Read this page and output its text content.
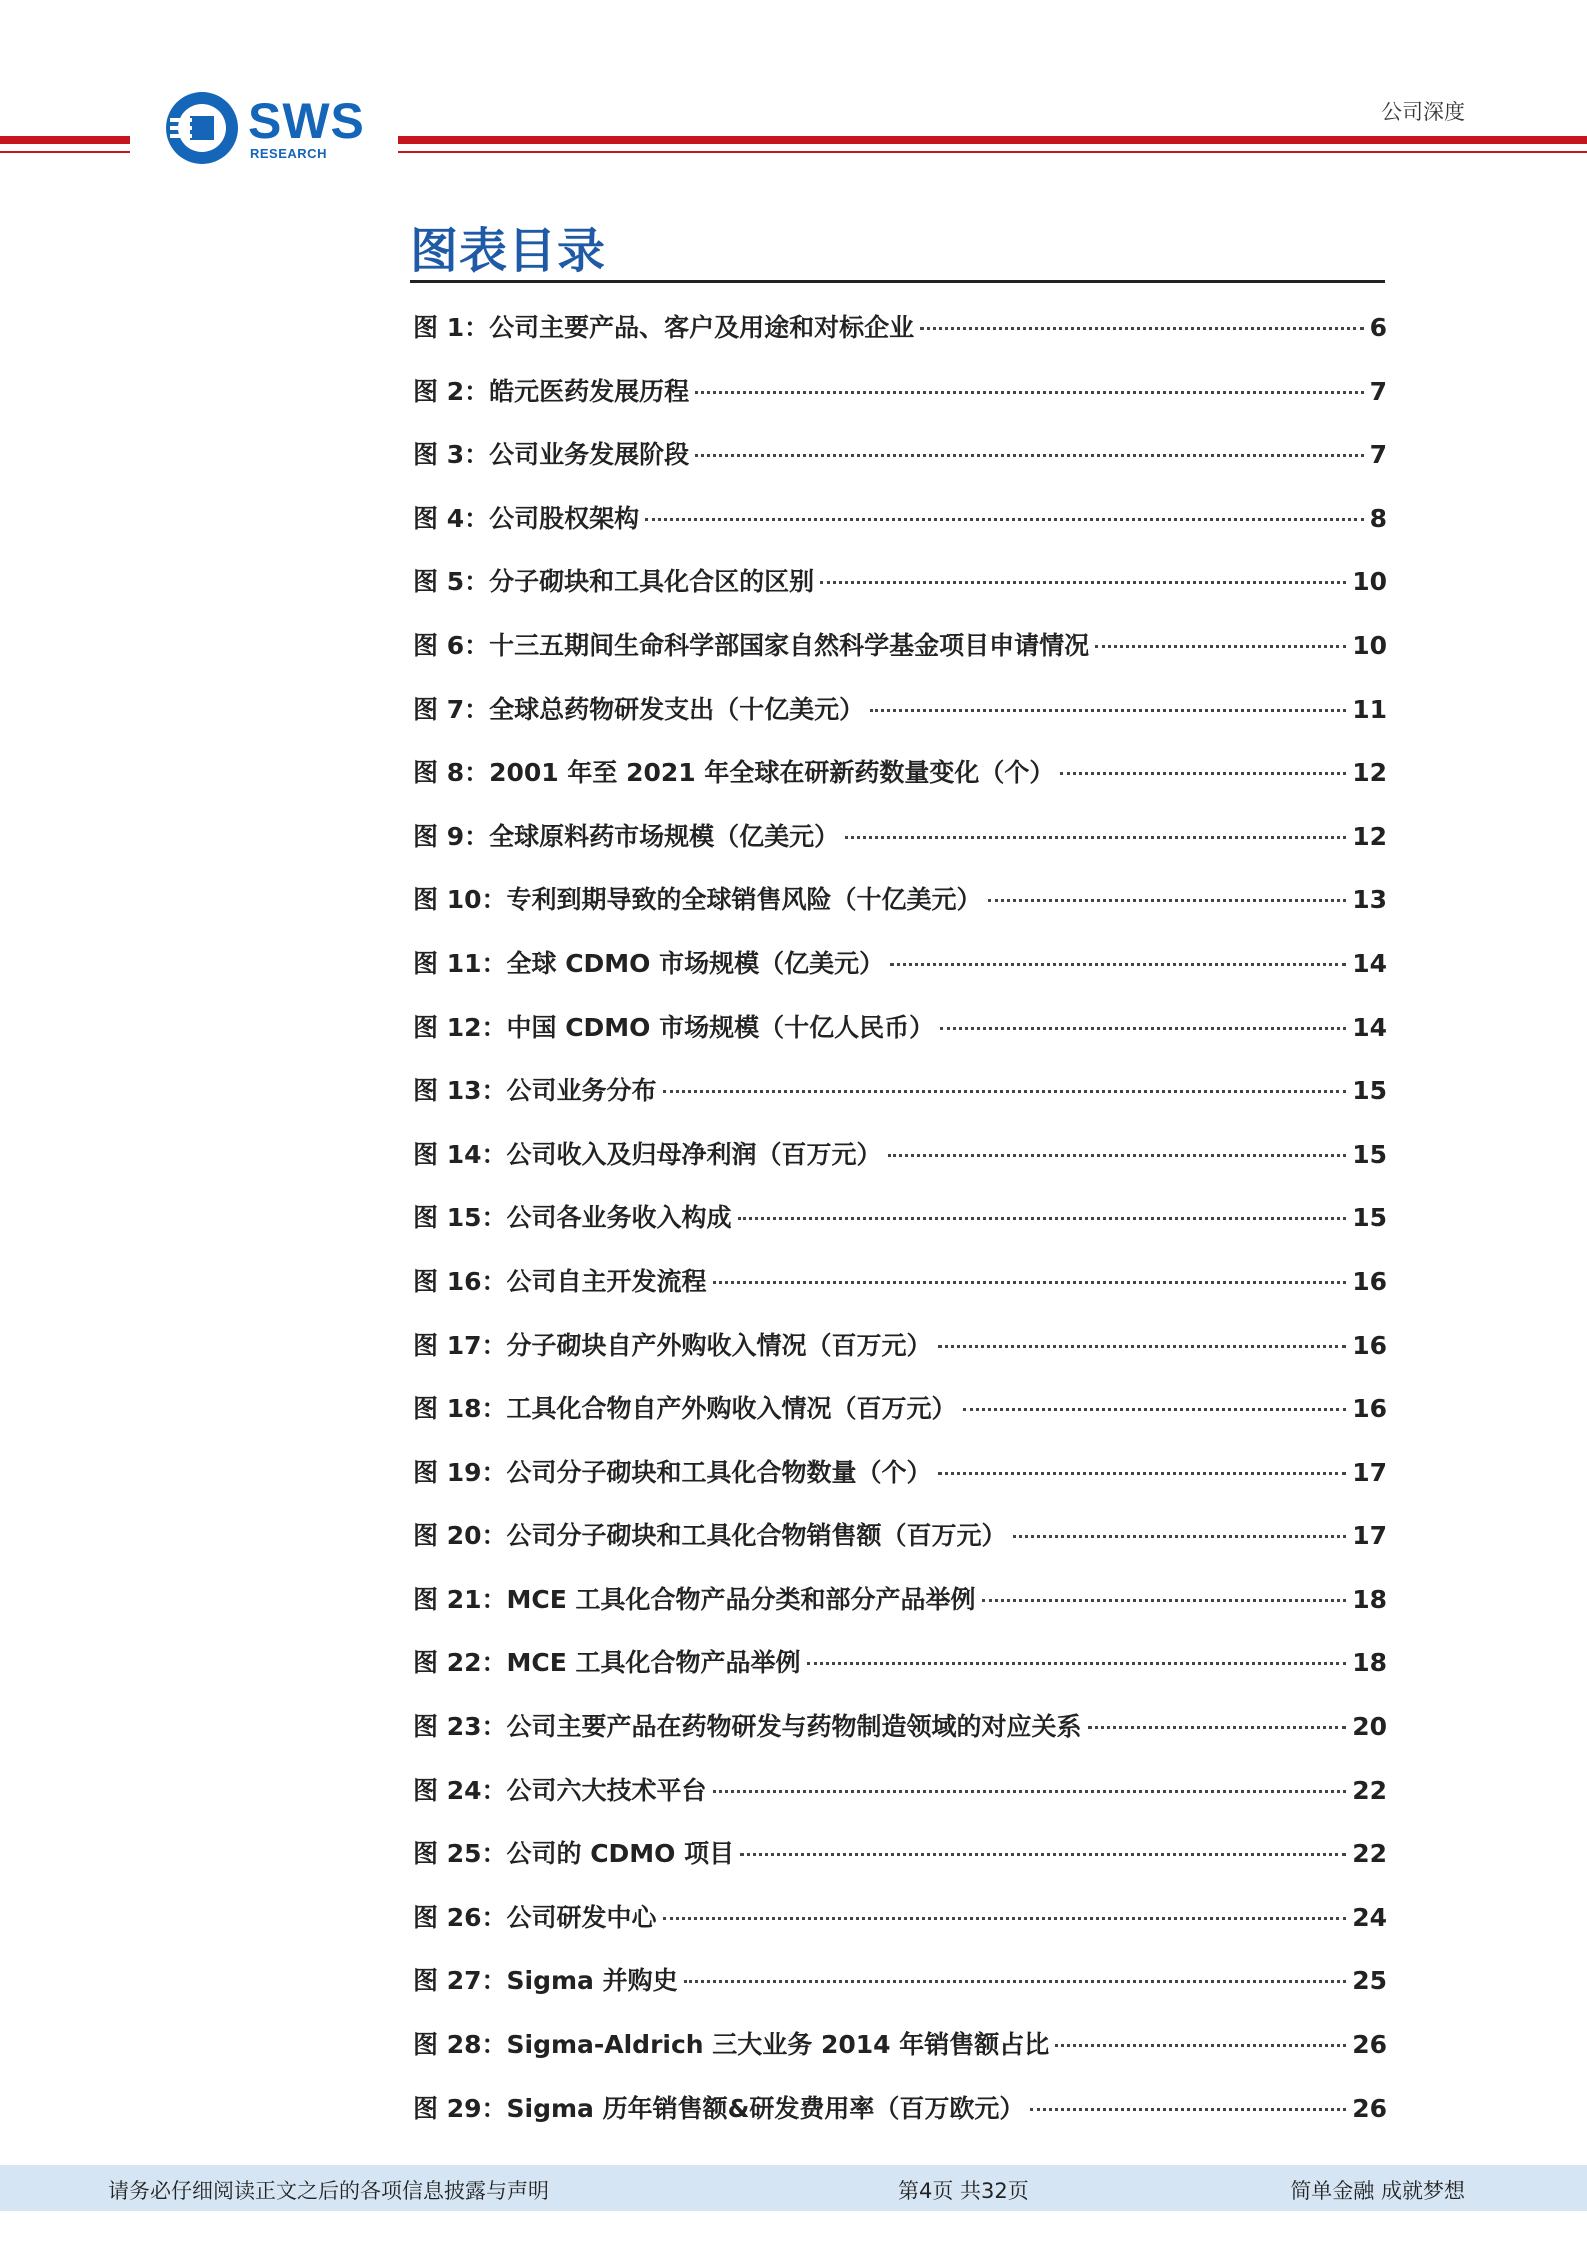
SWS
RESEARCH
公司深度
图表目录
图 1：公司主要产品、客户及用途和对标企业	6
图 2：皓元医药发展历程	7
图 3：公司业务发展阶段	7
图 4：公司股权架构	8
图 5：分子砌块和工具化合区的区别	10
图 6：十三五期间生命科学部国家自然科学基金项目申请情况	10
图 7：全球总药物研发支出（十亿美元）	11
图 8：2001 年至 2021 年全球在研新药数量变化（个）	12
图 9：全球原料药市场规模（亿美元）	12
图 10：专利到期导致的全球销售风险（十亿美元）	13
图 11：全球 CDMO 市场规模（亿美元）	14
图 12：中国 CDMO 市场规模（十亿人民币）	14
图 13：公司业务分布	15
图 14：公司收入及归母净利润（百万元）	15
图 15：公司各业务收入构成	15
图 16：公司自主开发流程	16
图 17：分子砌块自产外购收入情况（百万元）	16
图 18：工具化合物自产外购收入情况（百万元）	16
图 19：公司分子砌块和工具化合物数量（个）	17
图 20：公司分子砌块和工具化合物销售额（百万元）	17
图 21：MCE 工具化合物产品分类和部分产品举例	18
图 22：MCE 工具化合物产品举例	18
图 23：公司主要产品在药物研发与药物制造领域的对应关系	20
图 24：公司六大技术平台	22
图 25：公司的 CDMO 项目	22
图 26：公司研发中心	24
图 27：Sigma 并购史	25
图 28：Sigma-Aldrich 三大业务 2014 年销售额占比	26
图 29：Sigma 历年销售额&研发费用率（百万欧元）	26
请务必仔细阅读正文之后的各项信息披露与声明	第4页 共32页	简单金融 成就梦想
